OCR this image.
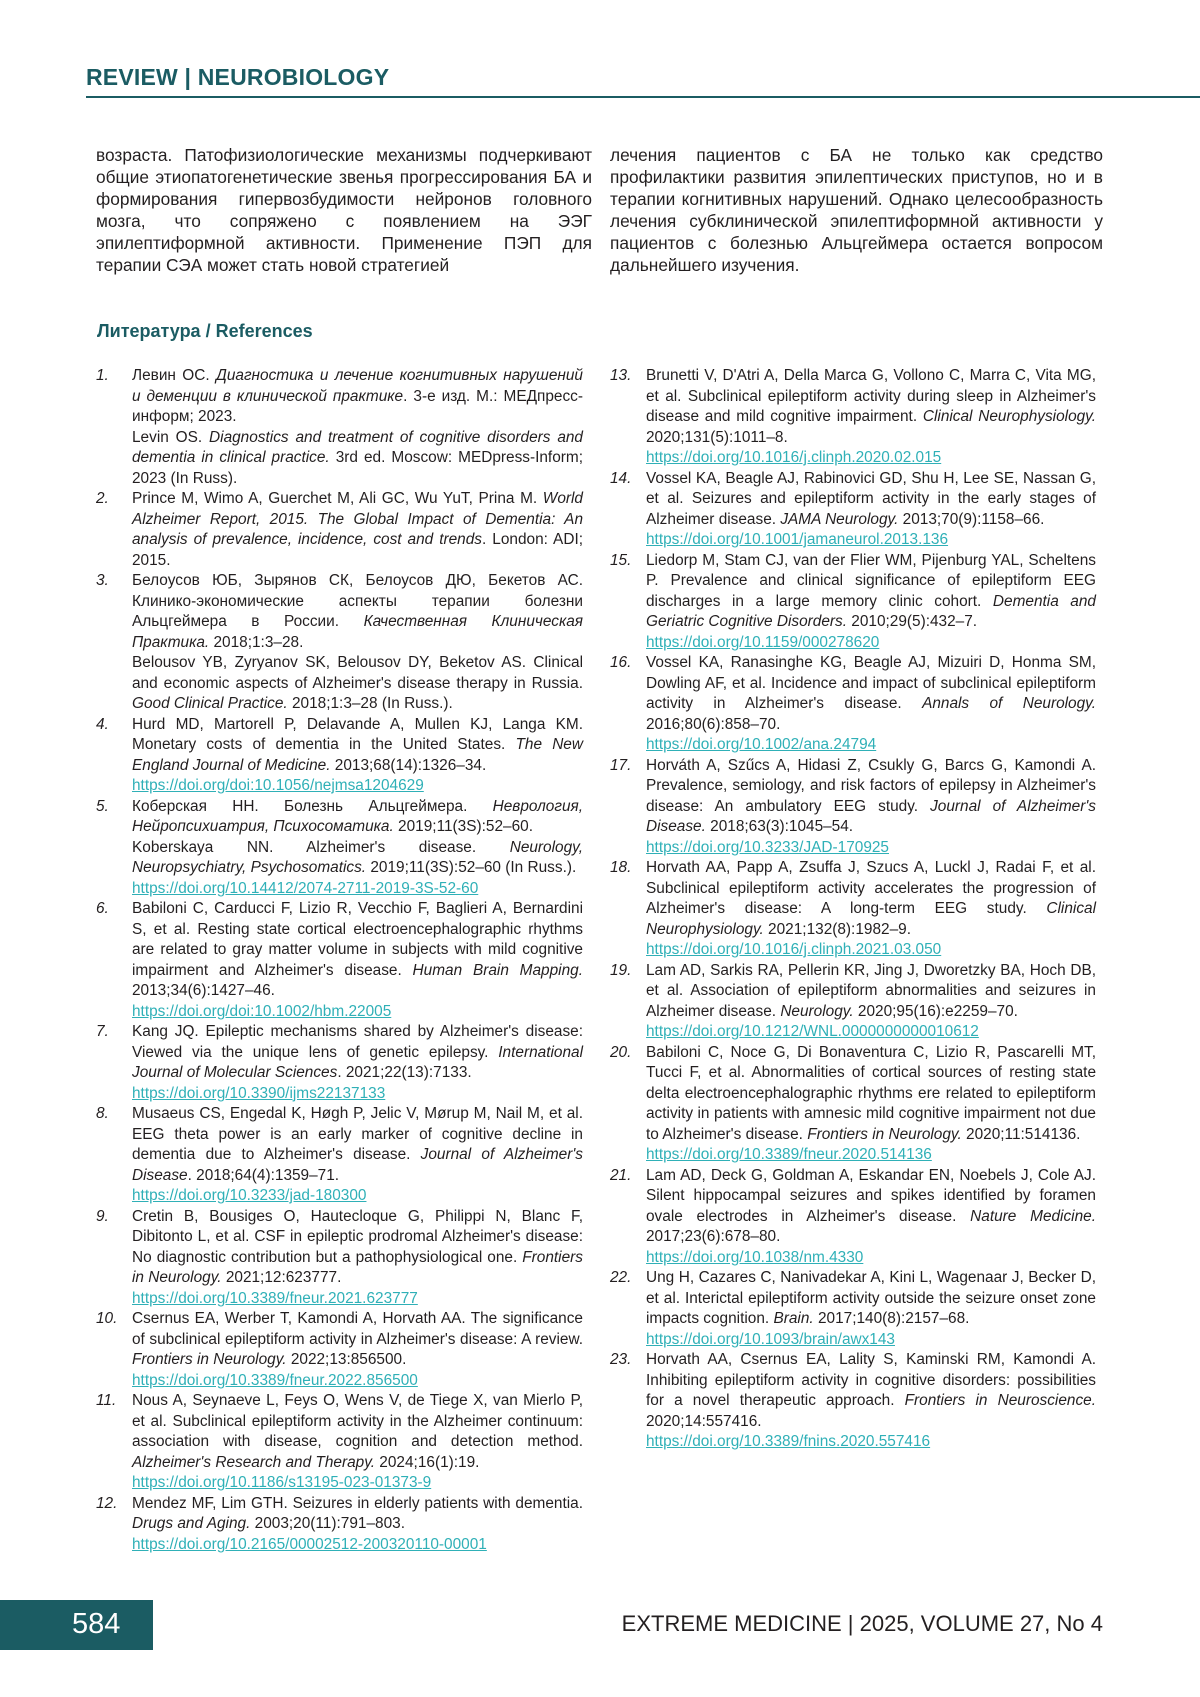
REVIEW | NEUROBIOLOGY

возраста. Патофизиологические механизмы подчеркивают общие этиопатогенетические звенья прогрессирования БА и формирования гипервозбудимости нейронов головного мозга, что сопряжено с появлением на ЭЭГ эпилептиформной активности. Применение ПЭП для терапии СЭА может стать новой стратегией

лечения пациентов с БА не только как средство профилактики развития эпилептических приступов, но и в терапии когнитивных нарушений. Однако целесообразность лечения субклинической эпилептиформной активности у пациентов с болезнью Альцгеймера остается вопросом дальнейшего изучения.

Литература / References
1. Левин ОС. Диагностика и лечение когнитивных нарушений и деменции в клинической практике. 3-е изд. М.: МЕДпресс-информ; 2023.
Levin OS. Diagnostics and treatment of cognitive disorders and dementia in clinical practice. 3rd ed. Moscow: MEDpress-Inform; 2023 (In Russ).
2. Prince M, Wimo A, Guerchet M, Ali GC, Wu YuT, Prina M. World Alzheimer Report, 2015. The Global Impact of Dementia: An analysis of prevalence, incidence, cost and trends. London: ADI; 2015.
3. Белоусов ЮБ, Зырянов СК, Белоусов ДЮ, Бекетов АС. Клинико-экономические аспекты терапии болезни Альцгеймера в России. Качественная Клиническая Практика. 2018;1:3–28.
Belousov YB, Zyryanov SK, Belousov DY, Beketov AS. Clinical and economic aspects of Alzheimer's disease therapy in Russia. Good Clinical Practice. 2018;1:3–28 (In Russ.).
4. Hurd MD, Martorell P, Delavande A, Mullen KJ, Langa KM. Monetary costs of dementia in the United States. The New England Journal of Medicine. 2013;68(14):1326–34.
https://doi.org/doi:10.1056/nejmsa1204629
5. Коберская НН. Болезнь Альцгеймера. Неврология, Нейропсихиатрия, Психосоматика. 2019;11(3S):52–60.
Koberskaya NN. Alzheimer's disease. Neurology, Neuropsychiatry, Psychosomatics. 2019;11(3S):52–60 (In Russ.).
https://doi.org/10.14412/2074-2711-2019-3S-52-60
6. Babiloni C, Carducci F, Lizio R, Vecchio F, Baglieri A, Bernardini S, et al. Resting state cortical electroencephalographic rhythms are related to gray matter volume in subjects with mild cognitive impairment and Alzheimer's disease. Human Brain Mapping. 2013;34(6):1427–46.
https://doi.org/doi:10.1002/hbm.22005
7. Kang JQ. Epileptic mechanisms shared by Alzheimer's disease: Viewed via the unique lens of genetic epilepsy. International Journal of Molecular Sciences. 2021;22(13):7133.
https://doi.org/10.3390/ijms22137133
8. Musaeus CS, Engedal K, Høgh P, Jelic V, Mørup M, Nail M, et al. EEG theta power is an early marker of cognitive decline in dementia due to Alzheimer's disease. Journal of Alzheimer's Disease. 2018;64(4):1359–71.
https://doi.org/10.3233/jad-180300
9. Cretin B, Bousiges O, Hautecloque G, Philippi N, Blanc F, Dibitonto L, et al. CSF in epileptic prodromal Alzheimer's disease: No diagnostic contribution but a pathophysiological one. Frontiers in Neurology. 2021;12:623777.
https://doi.org/10.3389/fneur.2021.623777
10. Csernus EA, Werber T, Kamondi A, Horvath AA. The significance of subclinical epileptiform activity in Alzheimer's disease: A review. Frontiers in Neurology. 2022;13:856500.
https://doi.org/10.3389/fneur.2022.856500
11. Nous A, Seynaeve L, Feys O, Wens V, de Tiege X, van Mierlo P, et al. Subclinical epileptiform activity in the Alzheimer continuum: association with disease, cognition and detection method. Alzheimer's Research and Therapy. 2024;16(1):19.
https://doi.org/10.1186/s13195-023-01373-9
12. Mendez MF, Lim GTH. Seizures in elderly patients with dementia. Drugs and Aging. 2003;20(11):791–803.
https://doi.org/10.2165/00002512-200320110-00001
13. Brunetti V, D'Atri A, Della Marca G, Vollono C, Marra C, Vita MG, et al. Subclinical epileptiform activity during sleep in Alzheimer's disease and mild cognitive impairment. Clinical Neurophysiology. 2020;131(5):1011–8.
https://doi.org/10.1016/j.clinph.2020.02.015
14. Vossel KA, Beagle AJ, Rabinovici GD, Shu H, Lee SE, Nassan G, et al. Seizures and epileptiform activity in the early stages of Alzheimer disease. JAMA Neurology. 2013;70(9):1158–66.
https://doi.org/10.1001/jamaneurol.2013.136
15. Liedorp M, Stam CJ, van der Flier WM, Pijenburg YAL, Scheltens P. Prevalence and clinical significance of epileptiform EEG discharges in a large memory clinic cohort. Dementia and Geriatric Cognitive Disorders. 2010;29(5):432–7.
https://doi.org/10.1159/000278620
16. Vossel KA, Ranasinghe KG, Beagle AJ, Mizuiri D, Honma SM, Dowling AF, et al. Incidence and impact of subclinical epileptiform activity in Alzheimer's disease. Annals of Neurology. 2016;80(6):858–70.
https://doi.org/10.1002/ana.24794
17. Horváth A, Szűcs A, Hidasi Z, Csukly G, Barcs G, Kamondi A. Prevalence, semiology, and risk factors of epilepsy in Alzheimer's disease: An ambulatory EEG study. Journal of Alzheimer's Disease. 2018;63(3):1045–54.
https://doi.org/10.3233/JAD-170925
18. Horvath AA, Papp A, Zsuffa J, Szucs A, Luckl J, Radai F, et al. Subclinical epileptiform activity accelerates the progression of Alzheimer's disease: A long-term EEG study. Clinical Neurophysiology. 2021;132(8):1982–9.
https://doi.org/10.1016/j.clinph.2021.03.050
19. Lam AD, Sarkis RA, Pellerin KR, Jing J, Dworetzky BA, Hoch DB, et al. Association of epileptiform abnormalities and seizures in Alzheimer disease. Neurology. 2020;95(16):e2259–70.
https://doi.org/10.1212/WNL.0000000000010612
20. Babiloni C, Noce G, Di Bonaventura C, Lizio R, Pascarelli MT, Tucci F, et al. Abnormalities of cortical sources of resting state delta electroencephalographic rhythms ere related to epileptiform activity in patients with amnesic mild cognitive impairment not due to Alzheimer's disease. Frontiers in Neurology. 2020;11:514136.
https://doi.org/10.3389/fneur.2020.514136
21. Lam AD, Deck G, Goldman A, Eskandar EN, Noebels J, Cole AJ. Silent hippocampal seizures and spikes identified by foramen ovale electrodes in Alzheimer's disease. Nature Medicine. 2017;23(6):678–80.
https://doi.org/10.1038/nm.4330
22. Ung H, Cazares C, Nanivadekar A, Kini L, Wagenaar J, Becker D, et al. Interictal epileptiform activity outside the seizure onset zone impacts cognition. Brain. 2017;140(8):2157–68.
https://doi.org/10.1093/brain/awx143
23. Horvath AA, Csernus EA, Lality S, Kaminski RM, Kamondi A. Inhibiting epileptiform activity in cognitive disorders: possibilities for a novel therapeutic approach. Frontiers in Neuroscience. 2020;14:557416.
https://doi.org/10.3389/fnins.2020.557416
584	EXTREME MEDICINE | 2025, VOLUME 27, No 4
